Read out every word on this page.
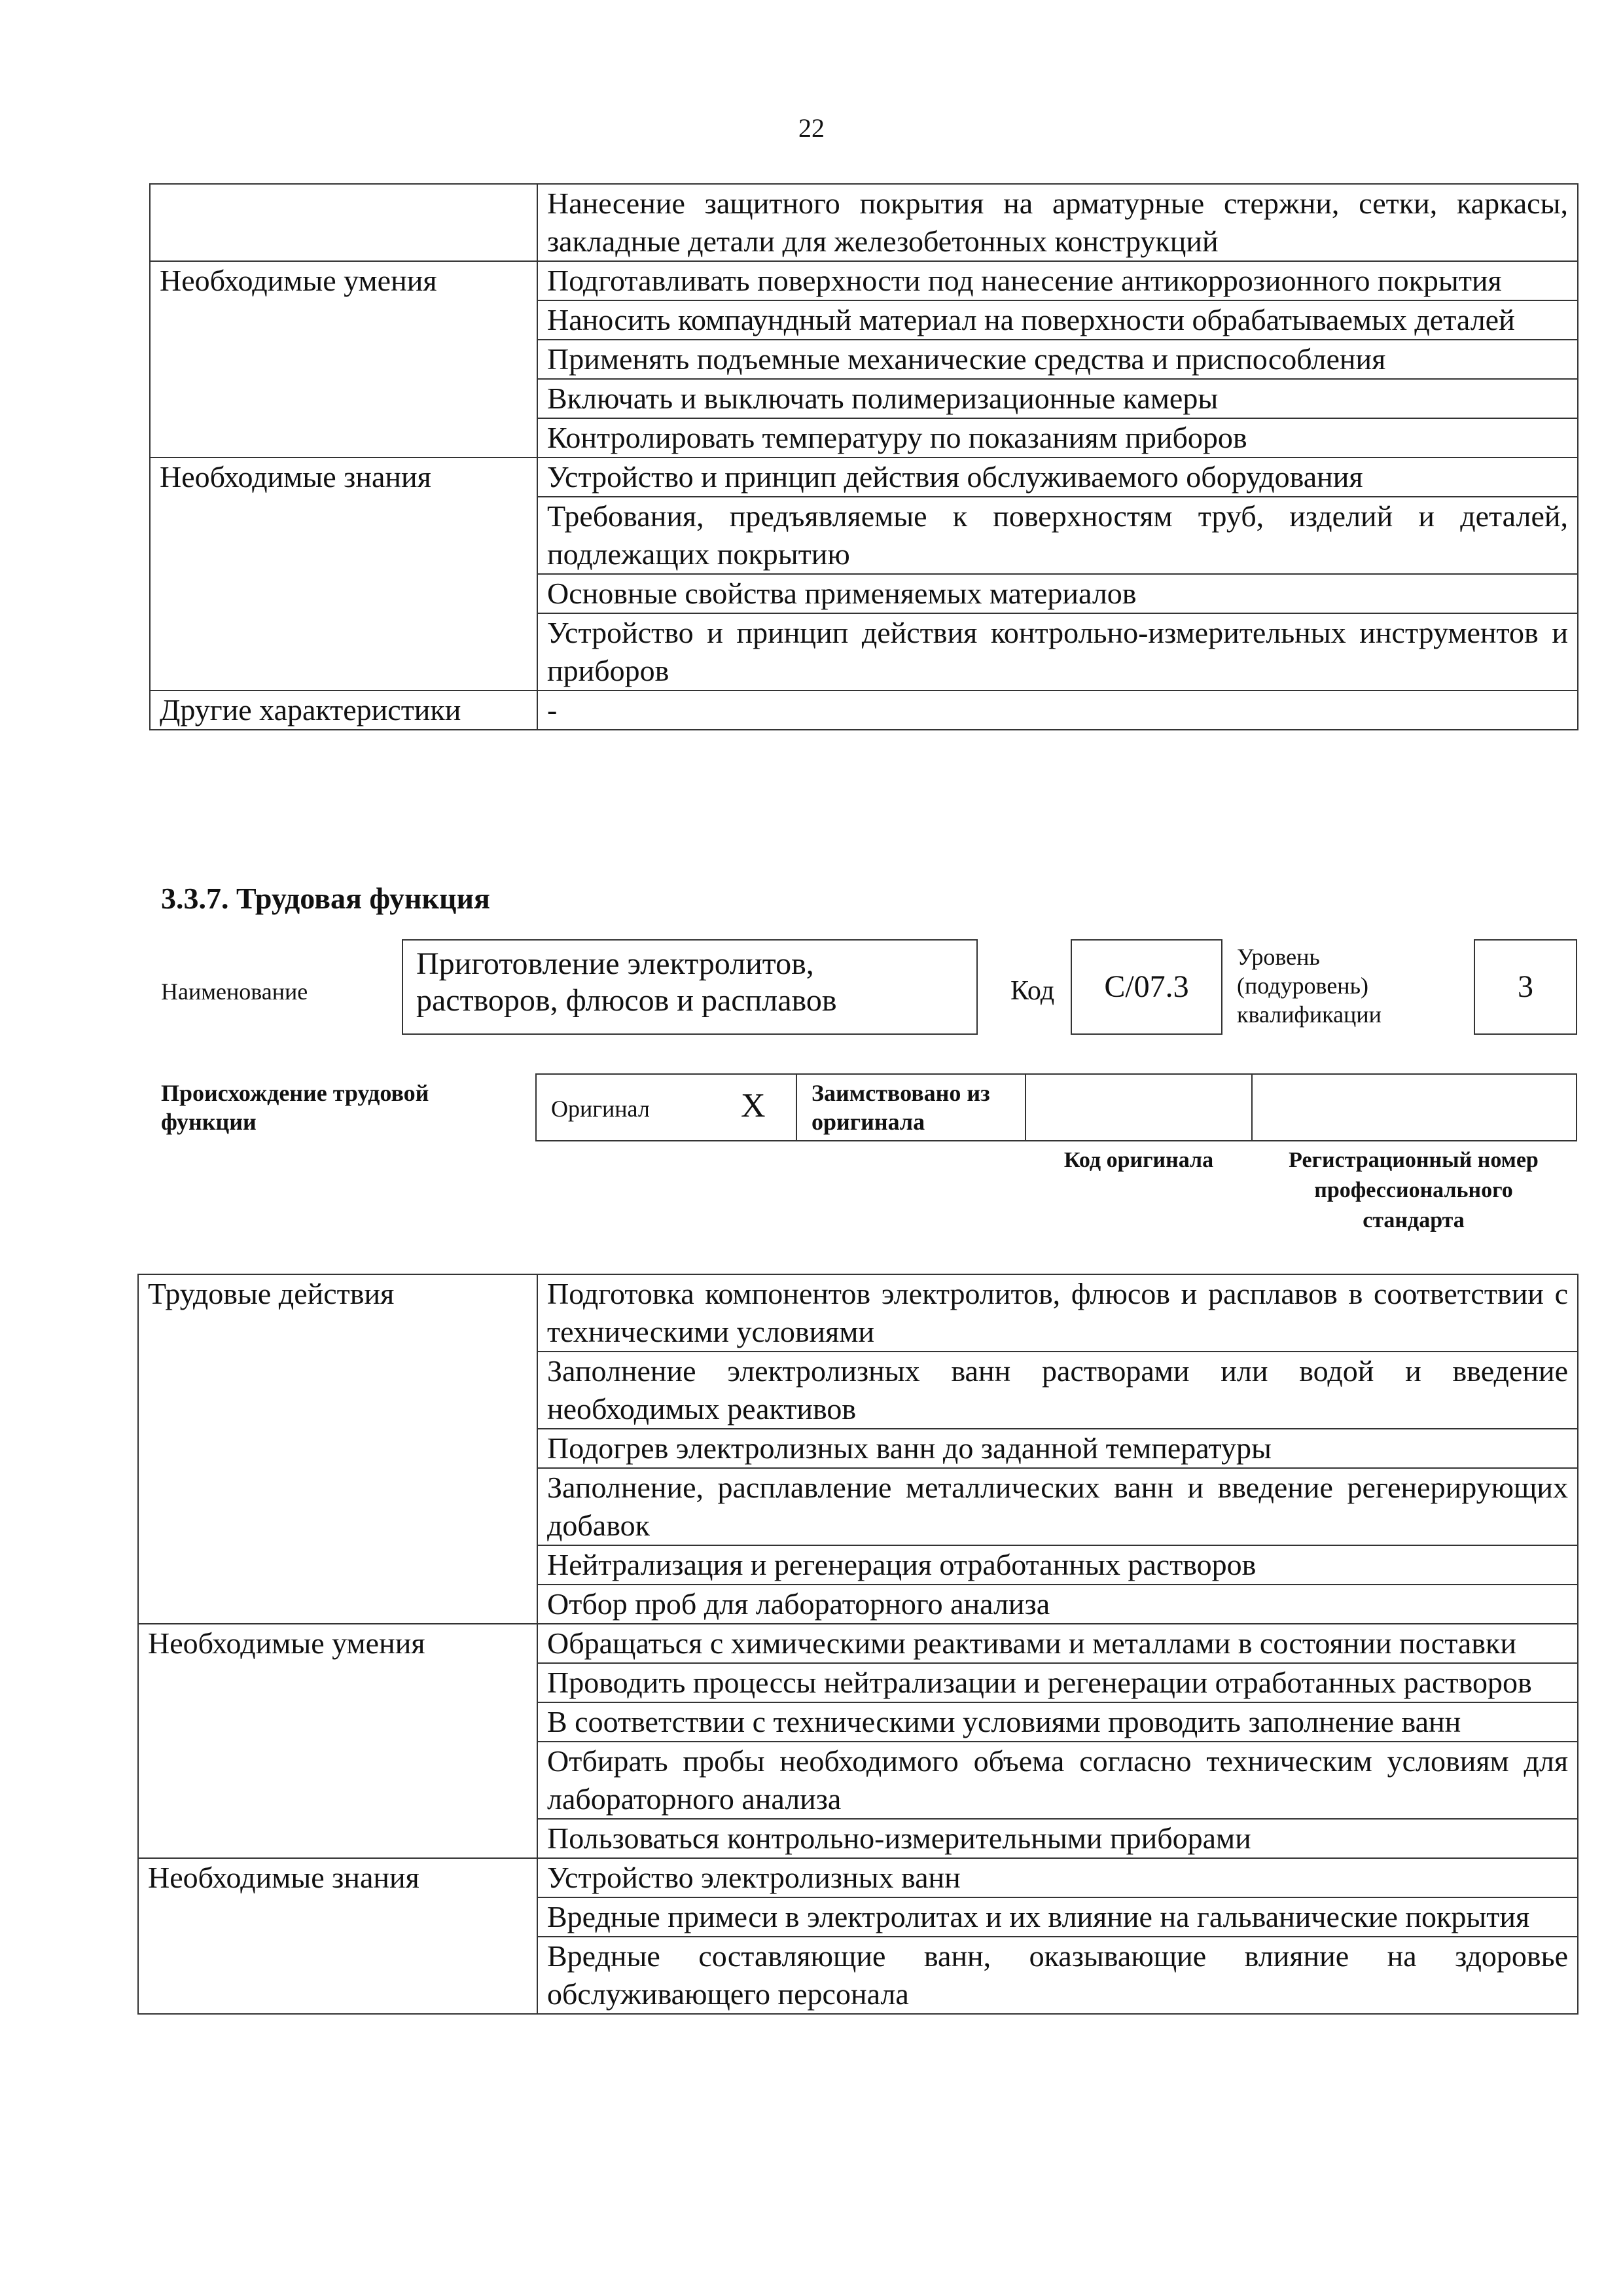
22
	Нанесение защитного покрытия на арматурные стержни, сетки, каркасы, закладные детали для железобетонных конструкций
Необходимые умения	Подготавливать поверхности под нанесение антикоррозионного покрытия
	Наносить компаундный материал на поверхности обрабатываемых деталей
	Применять подъемные механические средства и приспособления
	Включать и выключать полимеризационные камеры
	Контролировать температуру по показаниям приборов
Необходимые знания	Устройство и принцип действия обслуживаемого оборудования
	Требования, предъявляемые к поверхностям труб, изделий и деталей, подлежащих покрытию
	Основные свойства применяемых материалов
	Устройство и принцип действия контрольно-измерительных инструментов и приборов
Другие характеристики	-
3.3.7. Трудовая функция
Наименование
Приготовление электролитов, растворов, флюсов и расплавов	Код С/07.3
Уровень (подуровень) квалификации
3
Происхождение трудовой функции	Оригинал	Х Заимствовано из оригинала
Код оригинала	Регистрационный номер профессионального стандарта
Трудовые действия	Подготовка компонентов электролитов, флюсов и расплавов в соответствии с техническими условиями
	Заполнение электролизных ванн растворами или водой и введение необходимых реактивов
	Подогрев электролизных ванн до заданной температуры
	Заполнение, расплавление металлических ванн и введение регенерирующих добавок
	Нейтрализация и регенерация отработанных растворов
	Отбор проб для лабораторного анализа
Необходимые умения	Обращаться с химическими реактивами и металлами в состоянии поставки
	Проводить процессы нейтрализации и регенерации отработанных растворов
	В соответствии с техническими условиями проводить заполнение ванн
	Отбирать пробы необходимого объема согласно техническим условиям для лабораторного анализа
	Пользоваться контрольно-измерительными приборами
Необходимые знания	Устройство электролизных ванн
	Вредные примеси в электролитах и их влияние на гальванические покрытия
	Вредные составляющие ванн, оказывающие влияние на здоровье обслуживающего персонала
